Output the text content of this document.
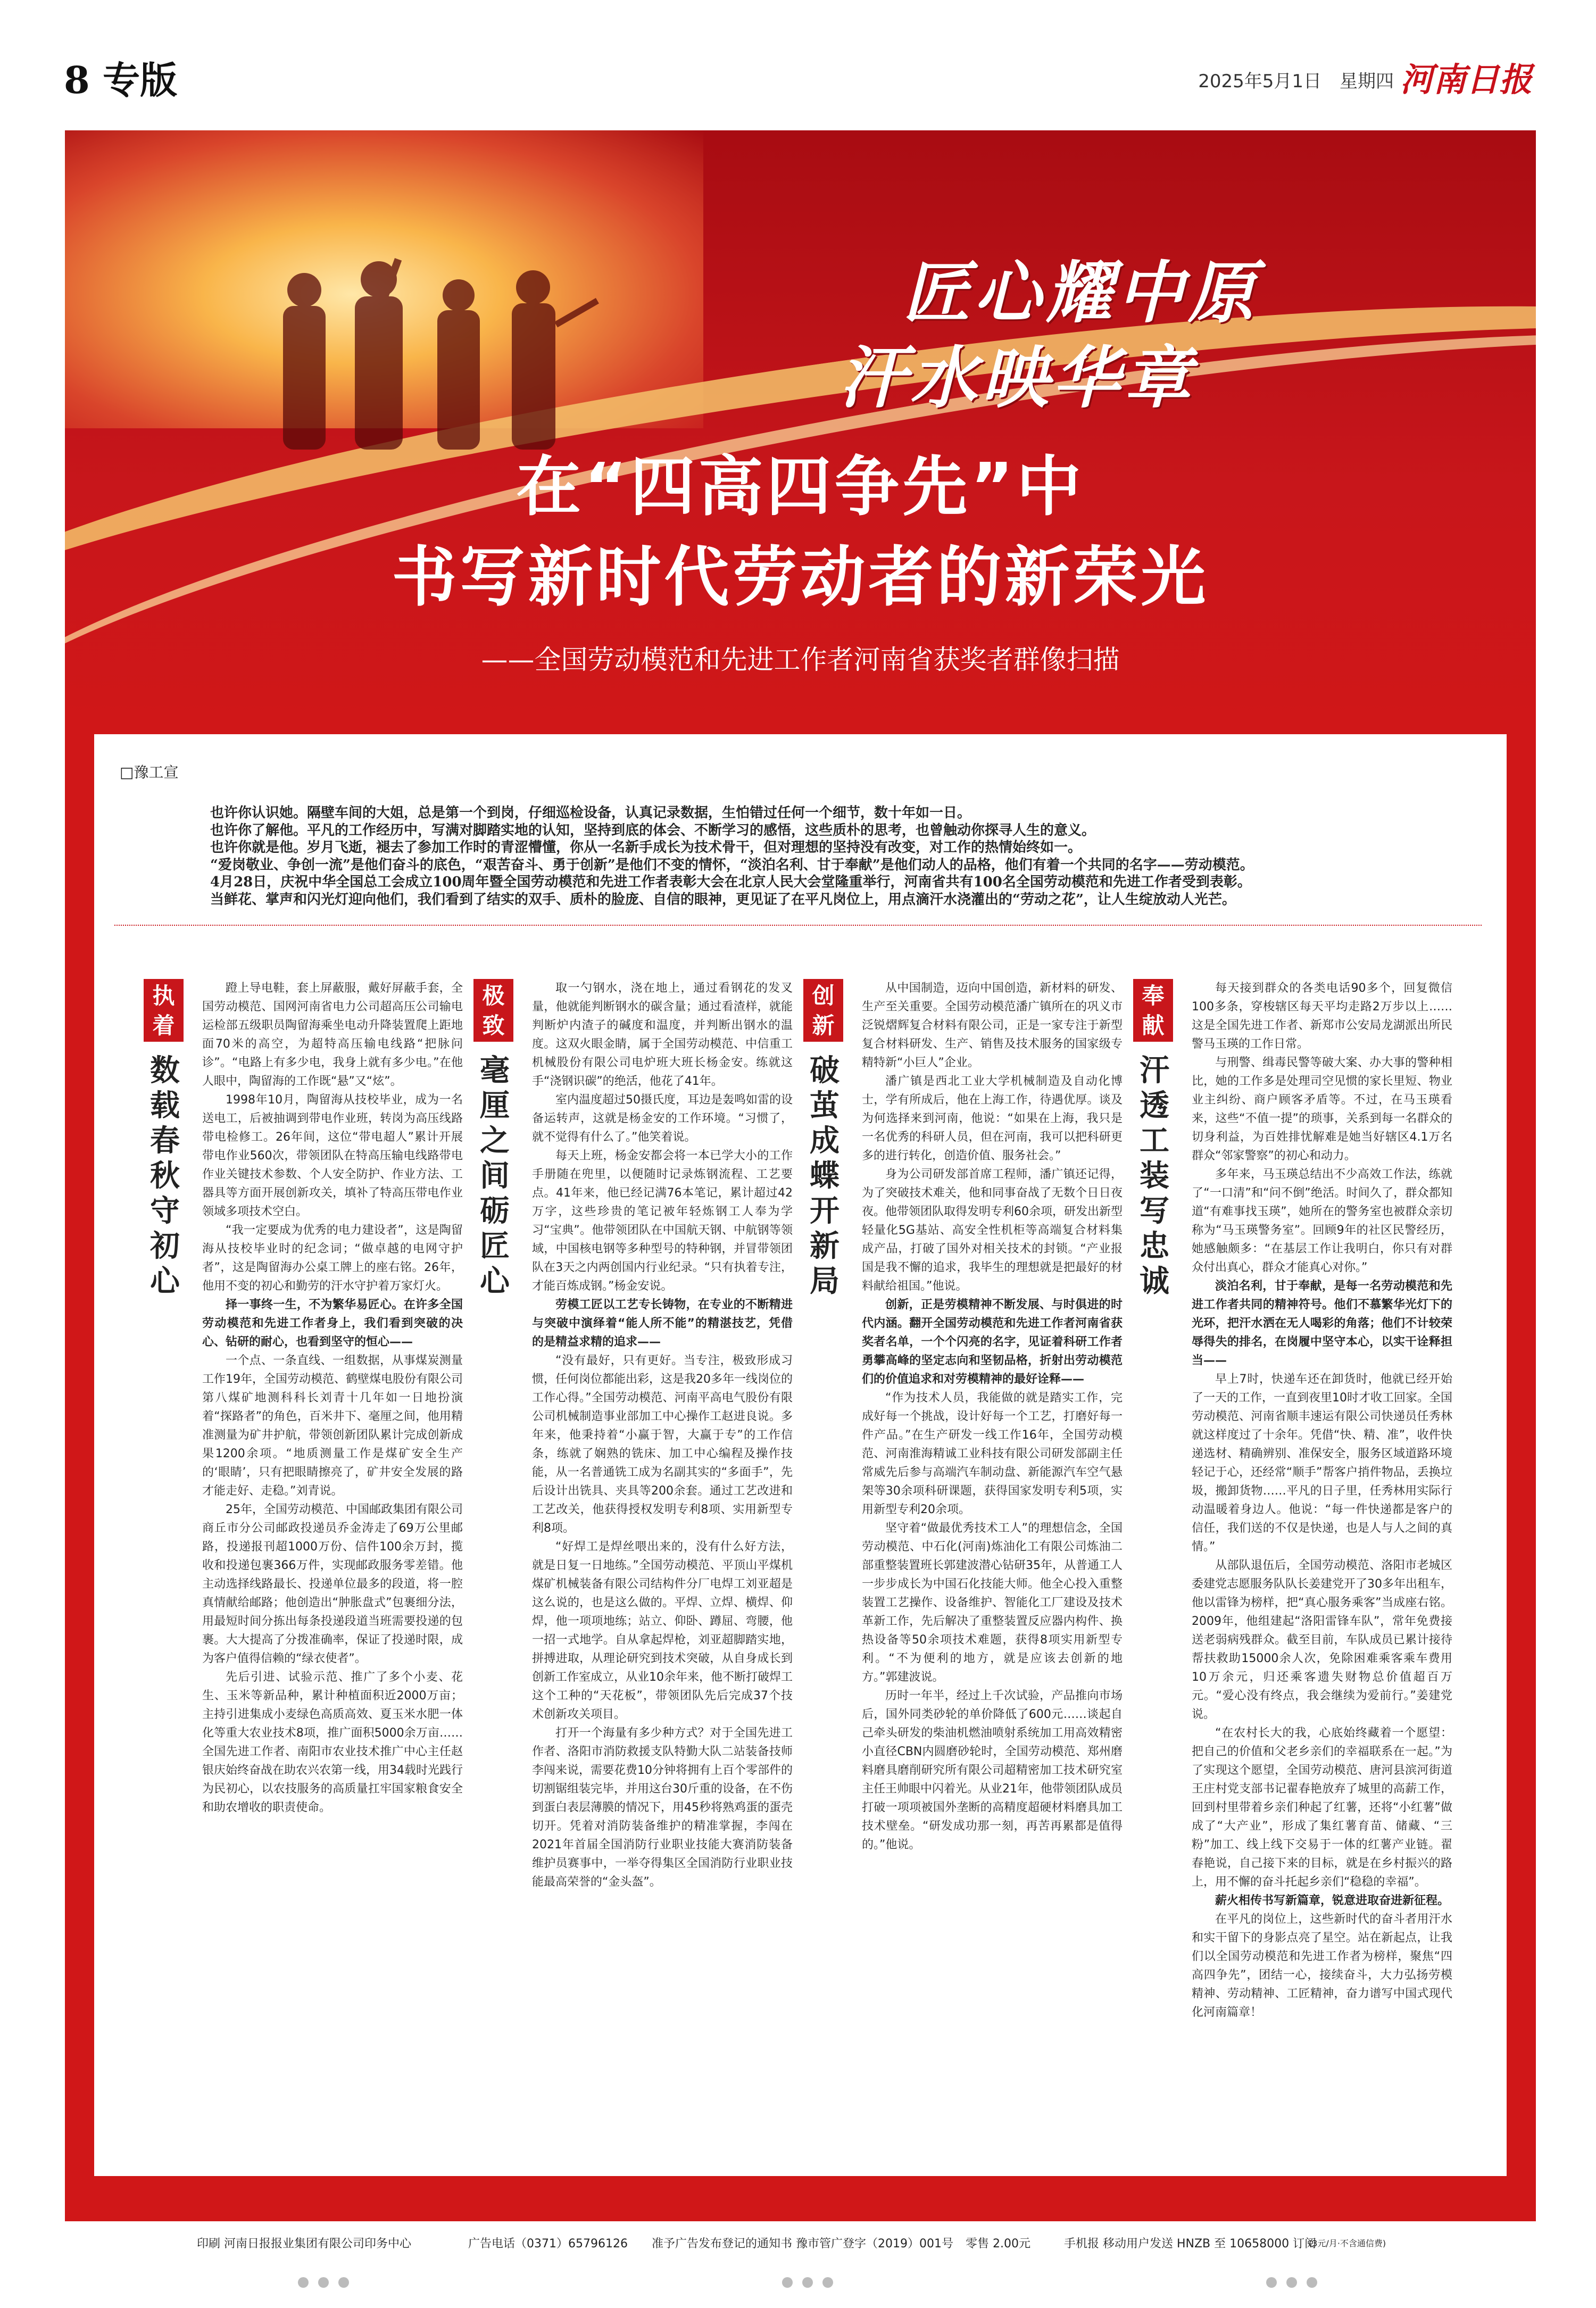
8 专版	2025年5月1日　 星期四 河南日报
匠心耀中原
汗水映华章
在“四高四争先”中
书写新时代劳动者的新荣光
——全国劳动模范和先进工作者河南省获奖者群像扫描
□豫工宣

也许你认识她。隔壁车间的大姐，总是第一个到岗，仔细巡检设备，认真记录数据，生怕错过任何一个细节，数十年如一日。

也许你了解他。平凡的工作经历中，写满对脚踏实地的认知，坚持到底的体会、不断学习的感悟，这些质朴的思考，也曾触动你探寻人生的意义。

也许你就是他。岁月飞逝，褪去了参加工作时的青涩懵懂，你从一名新手成长为技术骨干，但对理想的坚持没有改变，对工作的热情始终如一。

“爱岗敬业、争创一流”是他们奋斗的底色，“艰苦奋斗、勇于创新”是他们不变的情怀，“淡泊名利、甘于奉献”是他们动人的品格，他们有着一个共同的名字——劳动模范。

4月28日，庆祝中华全国总工会成立100周年暨全国劳动模范和先进工作者表彰大会在北京人民大会堂隆重举行，河南省共有100名全国劳动模范和先进工作者受到表彰。

当鲜花、掌声和闪光灯迎向他们，我们看到了结实的双手、质朴的脸庞、自信的眼神，更见证了在平凡岗位上，用点滴汗水浇灌出的“劳动之花”，让人生绽放动人光芒。

执着
数载春秋守初心

蹬上导电鞋，套上屏蔽服，戴好屏蔽手套，全国劳动模范、国网河南省电力公司超高压公司输电运检部五级职员陶留海乘坐电动升降装置爬上距地面70米的高空，为超特高压输电线路“把脉问诊”。“电路上有多少电，我身上就有多少电。”在他人眼中，陶留海的工作既“悬”又“炫”。

1998年10月，陶留海从技校毕业，成为一名送电工，后被抽调到带电作业班，转岗为高压线路带电检修工。26年间，这位“带电超人”累计开展带电作业560次，带领团队在特高压输电线路带电作业关键技术参数、个人安全防护、作业方法、工器具等方面开展创新攻关，填补了特高压带电作业领域多项技术空白。

“我一定要成为优秀的电力建设者”，这是陶留海从技校毕业时的纪念词；“做卓越的电网守护者”，这是陶留海办公桌工牌上的座右铭。26年，他用不变的初心和勤劳的汗水守护着万家灯火。

择一事终一生，不为繁华易匠心。在许多全国劳动模范和先进工作者身上，我们看到突破的决心、钻研的耐心，也看到坚守的恒心——

一个点、一条直线、一组数据，从事煤炭测量工作19年，全国劳动模范、鹤壁煤电股份有限公司第八煤矿地测科科长刘青十几年如一日地扮演着“探路者”的角色，百米井下、毫厘之间，他用精准测量为矿井护航，带领创新团队累计完成创新成果1200余项。“地质测量工作是煤矿安全生产的‘眼睛’，只有把眼睛擦亮了，矿井安全发展的路才能走好、走稳。”刘青说。

25年，全国劳动模范、中国邮政集团有限公司商丘市分公司邮政投递员乔金涛走了69万公里邮路，投递报刊超1000万份、信件100余万封，揽收和投递包裹366万件，实现邮政服务零差错。他主动选择线路最长、投递单位最多的段道，将一腔真情献给邮路；他创造出“肿胀盘式”包裹细分法，用最短时间分拣出每条投递段道当班需要投递的包裹。大大提高了分拨准确率，保证了投递时限，成为客户值得信赖的“绿衣使者”。

先后引进、试验示范、推广了多个小麦、花生、玉米等新品种，累计种植面积近2000万亩；主持引进集成小麦绿色高质高效、夏玉米水肥一体化等重大农业技术8项，推广面积5000余万亩……全国先进工作者、南阳市农业技术推广中心主任赵银庆始终奋战在助农兴农第一线，用34载时光践行为民初心，以农技服务的高质量扛牢国家粮食安全和助农增收的职责使命。

极致
毫厘之间砺匠心

取一勺钢水，浇在地上，通过看钢花的发叉量，他就能判断钢水的碳含量；通过看渣样，就能判断炉内渣子的碱度和温度，并判断出钢水的温度。这双火眼金睛，属于全国劳动模范、中信重工机械股份有限公司电炉班大班长杨金安。练就这手“浇钢识碳”的绝活，他花了41年。

室内温度超过50摄氏度，耳边是轰鸣如雷的设备运转声，这就是杨金安的工作环境。“习惯了，就不觉得有什么了。”他笑着说。

每天上班，杨金安都会将一本已学大小的工作手册随在兜里，以便随时记录炼钢流程、工艺要点。41年来，他已经记满76本笔记，累计超过42万字，这些珍贵的笔记被年轻炼钢工人奉为学习“宝典”。他带领团队在中国航天钢、中航钢等领域，中国核电钢等多种型号的特种钢，并冒带领团队在3天之内两创国内行业纪录。“只有执着专注，才能百炼成钢。”杨金安说。

劳模工匠以工艺专长铸物，在专业的不断精进与突破中演绎着“能人所不能”的精湛技艺，凭借的是精益求精的追求——

“没有最好，只有更好。当专注，极致形成习惯，任何岗位都能出彩，这是我20多年一线岗位的工作心得。”全国劳动模范、河南平高电气股份有限公司机械制造事业部加工中心操作工赵进良说。多年来，他秉持着“小赢于智，大赢于专”的工作信条，练就了娴熟的铣床、加工中心编程及操作技能，从一名普通铣工成为名副其实的“多面手”，先后设计出铣具、夹具等200余套。通过工艺改进和工艺改关，他获得授权发明专利8项、实用新型专利8项。

“好焊工是焊丝喂出来的，没有什么好方法，就是日复一日地练。”全国劳动模范、平顶山平煤机煤矿机械装备有限公司结构件分厂电焊工刘亚超是这么说的，也是这么做的。平焊、立焊、横焊、仰焊，他一项项地练；站立、仰卧、蹲屈、弯腰，他一招一式地学。自从拿起焊枪，刘亚超脚踏实地，拼搏进取，从理论研究到技术突破，从自身成长到创新工作室成立，从业10余年来，他不断打破焊工这个工种的“天花板”，带领团队先后完成37个技术创新攻关项目。

打开一个海量有多少种方式？对于全国先进工作者、洛阳市消防救援支队特勤大队二站装备技师李闯来说，需要花费10分钟将拥有上百个零部件的切割锯组装完毕，并用这台30斤重的设备，在不伤到蛋白表层薄膜的情况下，用45秒将熟鸡蛋的蛋壳切开。凭着对消防装备维护的精准掌握，李闯在2021年首届全国消防行业职业技能大赛消防装备维护员赛事中，一举夺得集区全国消防行业职业技能最高荣誉的“金头盔”。

创新
破茧成蝶开新局

从中国制造，迈向中国创造，新材料的研发、生产至关重要。全国劳动模范潘广镇所在的巩义市泛锐熠辉复合材料有限公司，正是一家专注于新型复合材料研发、生产、销售及技术服务的国家级专精特新“小巨人”企业。

潘广镇是西北工业大学机械制造及自动化博士，学有所成后，他在上海工作，待遇优厚。谈及为何选择来到河南，他说：“如果在上海，我只是一名优秀的科研人员，但在河南，我可以把科研更多的进行转化，创造价值、服务社会。”

身为公司研发部首席工程师，潘广镇还记得，为了突破技术难关，他和同事奋战了无数个日日夜夜。他带领团队取得发明专利60余项，研发出新型轻量化5G基站、高安全性机柜等高端复合材料集成产品，打破了国外对相关技术的封锁。“产业报国是我不懈的追求，我毕生的理想就是把最好的材料献给祖国。”他说。

创新，正是劳模精神不断发展、与时俱进的时代内涵。翻开全国劳动模范和先进工作者河南省获奖者名单，一个个闪亮的名字，见证着科研工作者勇攀高峰的坚定志向和坚韧品格，折射出劳动模范们的价值追求和对劳模精神的最好诠释——

“作为技术人员，我能做的就是踏实工作，完成好每一个挑战，设计好每一个工艺，打磨好每一件产品。”在生产研发一线工作16年，全国劳动模范、河南淮海精诚工业科技有限公司研发部副主任常威先后参与高端汽车制动盘、新能源汽车空气悬架等30余项科研课题，获得国家发明专利5项，实用新型专利20余项。

坚守着“做最优秀技术工人”的理想信念，全国劳动模范、中石化(河南)炼油化工有限公司炼油二部重整装置班长郭建波潜心钻研35年，从普通工人一步步成长为中国石化技能大师。他全心投入重整装置工艺操作、设备维护、智能化工厂建设及技术革新工作，先后解决了重整装置反应器内构件、换热设备等50余项技术难题，获得8项实用新型专利。“不为便利的地方，就是应该去创新的地方。”郭建波说。

历时一年半，经过上千次试验，产品推向市场后，国外同类砂轮的单价降低了600元……谈起自己牵头研发的柴油机燃油喷射系统加工用高效精密小直径CBN内圆磨砂轮时，全国劳动模范、郑州磨料磨具磨削研究所有限公司超精密加工技术研究室主任王帅眼中闪着光。从业21年，他带领团队成员打破一项项被国外垄断的高精度超硬材料磨具加工技术壁垒。“研发成功那一刻，再苦再累都是值得的。”他说。

奉献
汗透工装写忠诚

每天接到群众的各类电话90多个，回复微信100多条，穿梭辖区每天平均走路2万步以上……这是全国先进工作者、新郑市公安局龙湖派出所民警马玉瑛的工作日常。

与刑警、缉毒民警等破大案、办大事的警种相比，她的工作多是处理司空见惯的家长里短、物业业主纠纷、商户顾客矛盾等。不过，在马玉瑛看来，这些“不值一提”的琐事，关系到每一名群众的切身利益，为百姓排忧解难是她当好辖区4.1万名群众“邻家警察”的初心和动力。

多年来，马玉瑛总结出不少高效工作法，练就了“一口清”和“问不倒”绝活。时间久了，群众都知道“有难事找玉瑛”，她所在的警务室也被群众亲切称为“马玉瑛警务室”。回顾9年的社区民警经历，她感触颇多：“在基层工作让我明白，你只有对群众付出真心，群众才能真心对你。”

淡泊名利，甘于奉献，是每一名劳动模范和先进工作者共同的精神符号。他们不慕繁华光灯下的光环，把汗水洒在无人喝彩的角落；他们不计较荣辱得失的排名，在岗履中坚守本心，以实干诠释担当——

早上7时，快递车还在卸货时，他就已经开始了一天的工作，一直到夜里10时才收工回家。全国劳动模范、河南省顺丰速运有限公司快递员任秀林就这样度过了十余年。凭借“快、精、准”，收件快递选材、精确辨别、准保安全，服务区域道路环境轻记于心，还经常“顺手”帮客户捎件物品，丢换垃圾，搬卸货物……平凡的日子里，任秀林用实际行动温暖着身边人。他说：“每一件快递都是客户的信任，我们送的不仅是快递，也是人与人之间的真情。”

从部队退伍后，全国劳动模范、洛阳市老城区委建党志愿服务队队长姜建党开了30多年出租车，他以雷锋为榜样，把“真心服务乘客”当成座右铭。2009年，他组建起“洛阳雷锋车队”，常年免费接送老弱病残群众。截至目前，车队成员已累计接待帮扶救助15000余人次，免除困难乘客乘车费用10万余元，归还乘客遗失财物总价值超百万元。“爱心没有终点，我会继续为爱前行。”姜建党说。

“在农村长大的我，心底始终藏着一个愿望：把自己的价值和父老乡亲们的幸福联系在一起。”为了实现这个愿望，全国劳动模范、唐河县滨河街道王庄村党支部书记翟春艳放弃了城里的高薪工作，回到村里带着乡亲们种起了红薯，还将“小红薯”做成了“大产业”，形成了集红薯育苗、储藏、“三粉”加工、线上线下交易于一体的红薯产业链。翟春艳说，自己接下来的目标，就是在乡村振兴的路上，用不懈的奋斗托起乡亲们“稳稳的幸福”。

薪火相传书写新篇章，锐意进取奋进新征程。

在平凡的岗位上，这些新时代的奋斗者用汗水和实干留下的身影点亮了星空。站在新起点，让我们以全国劳动模范和先进工作者为榜样，聚焦“四高四争先”，团结一心，接续奋斗，大力弘扬劳模精神、劳动精神、工匠精神，奋力谱写中国式现代化河南篇章！

印刷 河南日报报业集团有限公司印务中心	广告电话（0371）65796126 准予广告发布登记的通知书 豫市管广登字（2019）001号 零售 2.00元	手机报 移动用户发送 HNZB 至 10658000 订阅
(3元/月·不含通信费)
